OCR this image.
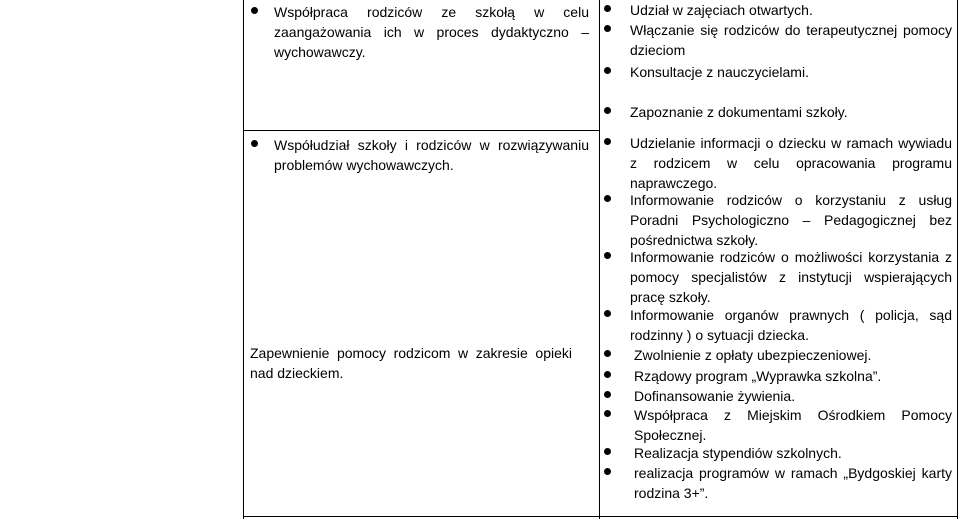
Współpraca rodziców ze szkołą w celu zaangażowania ich w proces dydaktyczno – wychowawczy.
Współudział szkoły i rodziców w rozwiązywaniu problemów wychowawczych.
Zapewnienie pomocy rodzicom w zakresie opieki nad dzieckiem.
Udział w zajęciach otwartych.
Włączanie się rodziców do terapeutycznej pomocy dzieciom
Konsultacje z nauczycielami.
Zapoznanie z dokumentami szkoły.
Udzielanie informacji o dziecku w ramach wywiadu z rodzicem w celu opracowania programu naprawczego.
Informowanie rodziców o korzystaniu z usług Poradni Psychologiczno – Pedagogicznej bez pośrednictwa szkoły.
Informowanie rodziców o możliwości korzystania z pomocy specjalistów z instytucji wspierających pracę szkoły.
Informowanie organów prawnych ( policja, sąd rodzinny ) o sytuacji dziecka.
Zwolnienie z opłaty ubezpieczeniowej.
Rządowy program „Wyprawka szkolna”.
Dofinansowanie żywienia.
Współpraca z Miejskim Ośrodkiem Pomocy Społecznej.
Realizacja stypendiów szkolnych.
realizacja programów w ramach „Bydgoskiej karty rodzina 3+”.
